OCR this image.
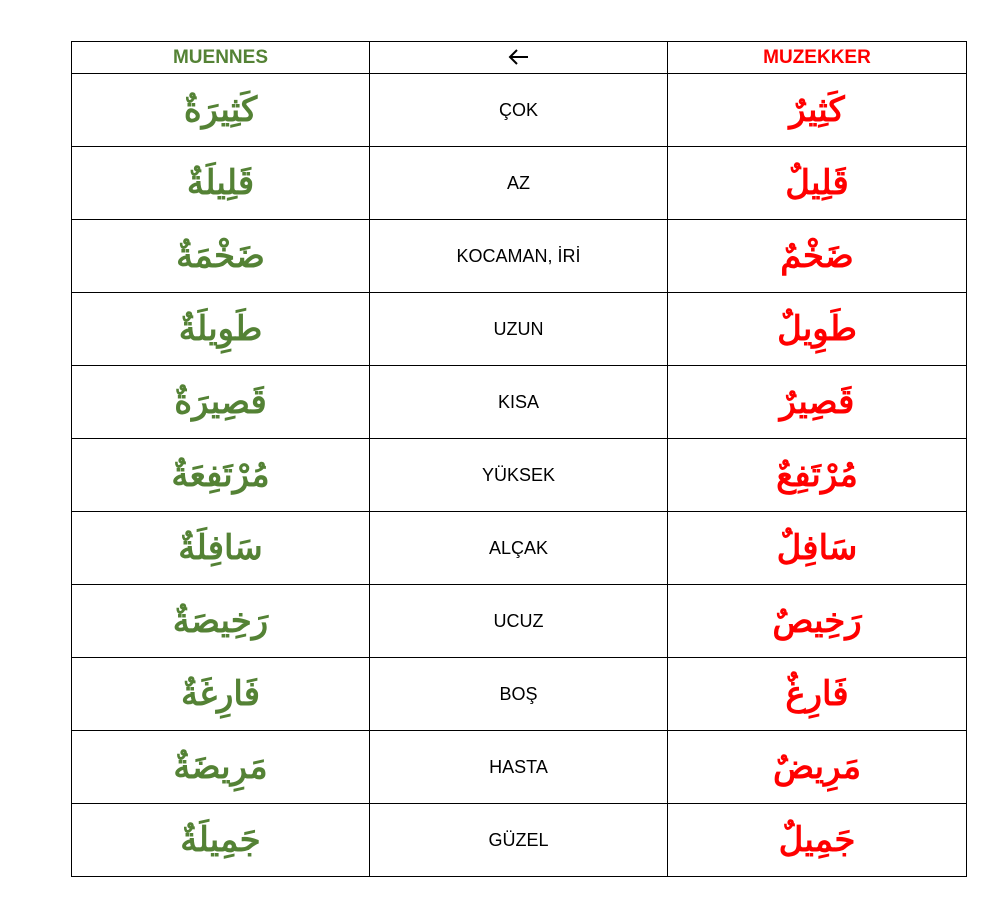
MUENNES		MUZEKKER
كَثِيرَةٌ	ÇOK	كَثِيرٌ
قَلِيلَةٌ	AZ	قَلِيلٌ
ضَخْمَةٌ	KOCAMAN, İRİ	ضَخْمٌ
طَوِيلَةٌ	UZUN	طَوِيلٌ
قَصِيرَةٌ	KISA	قَصِيرٌ
مُرْتَفِعَةٌ	YÜKSEK	مُرْتَفِعٌ
سَافِلَةٌ	ALÇAK	سَافِلٌ
رَخِيصَةٌ	UCUZ	رَخِيصٌ
فَارِغَةٌ	BOŞ	فَارِغٌ
مَرِيضَةٌ	HASTA	مَرِيضٌ
جَمِيلَةٌ	GÜZEL	جَمِيلٌ
